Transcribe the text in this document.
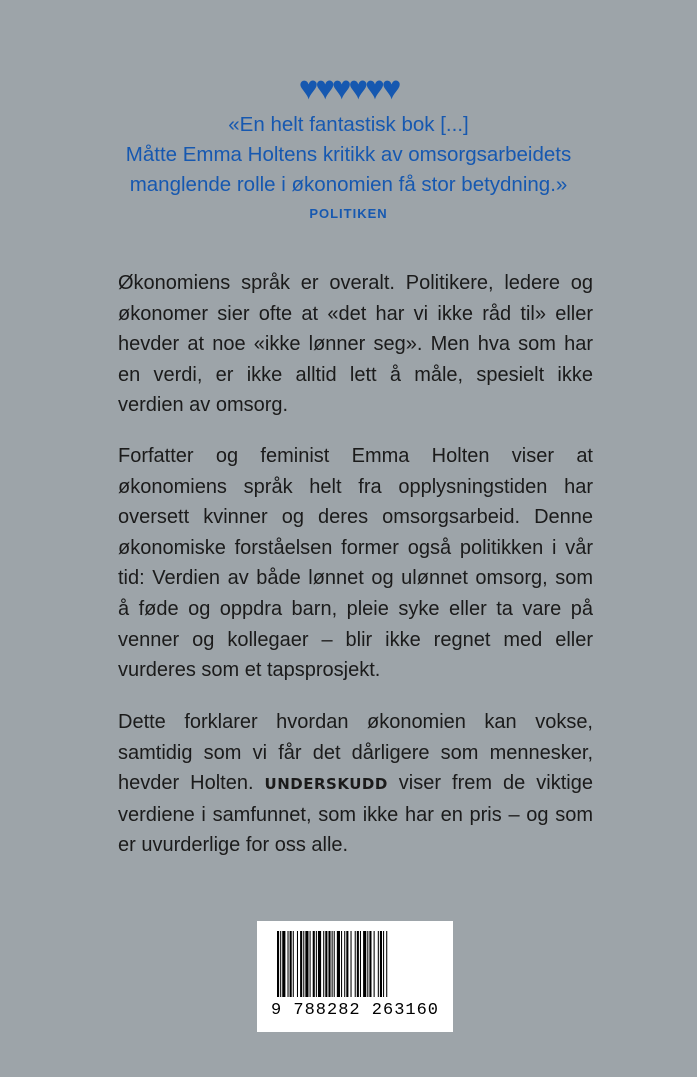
♥♥♥♥♥♥
«En helt fantastisk bok [...]
Måtte Emma Holtens kritikk av omsorgsarbeidets
manglende rolle i økonomien få stor betydning.»
POLITIKEN
Økonomiens språk er overalt. Politikere, ledere og økonomer sier ofte at «det har vi ikke råd til» eller hevder at noe «ikke lønner seg». Men hva som har en verdi, er ikke alltid lett å måle, spesielt ikke verdien av omsorg.
Forfatter og feminist Emma Holten viser at økonomiens språk helt fra opplysningstiden har oversett kvinner og deres omsorgsarbeid. Denne økonomiske forståelsen former også politikken i vår tid: Verdien av både lønnet og ulønnet omsorg, som å føde og oppdra barn, pleie syke eller ta vare på venner og kollegaer – blir ikke regnet med eller vurderes som et tapsprosjekt.
Dette forklarer hvordan økonomien kan vokse, samtidig som vi får det dårligere som mennesker, hevder Holten. UNDERSKUDD viser frem de viktige verdiene i samfunnet, som ikke har en pris – og som er uvurderlige for oss alle.
9 788282 263160
